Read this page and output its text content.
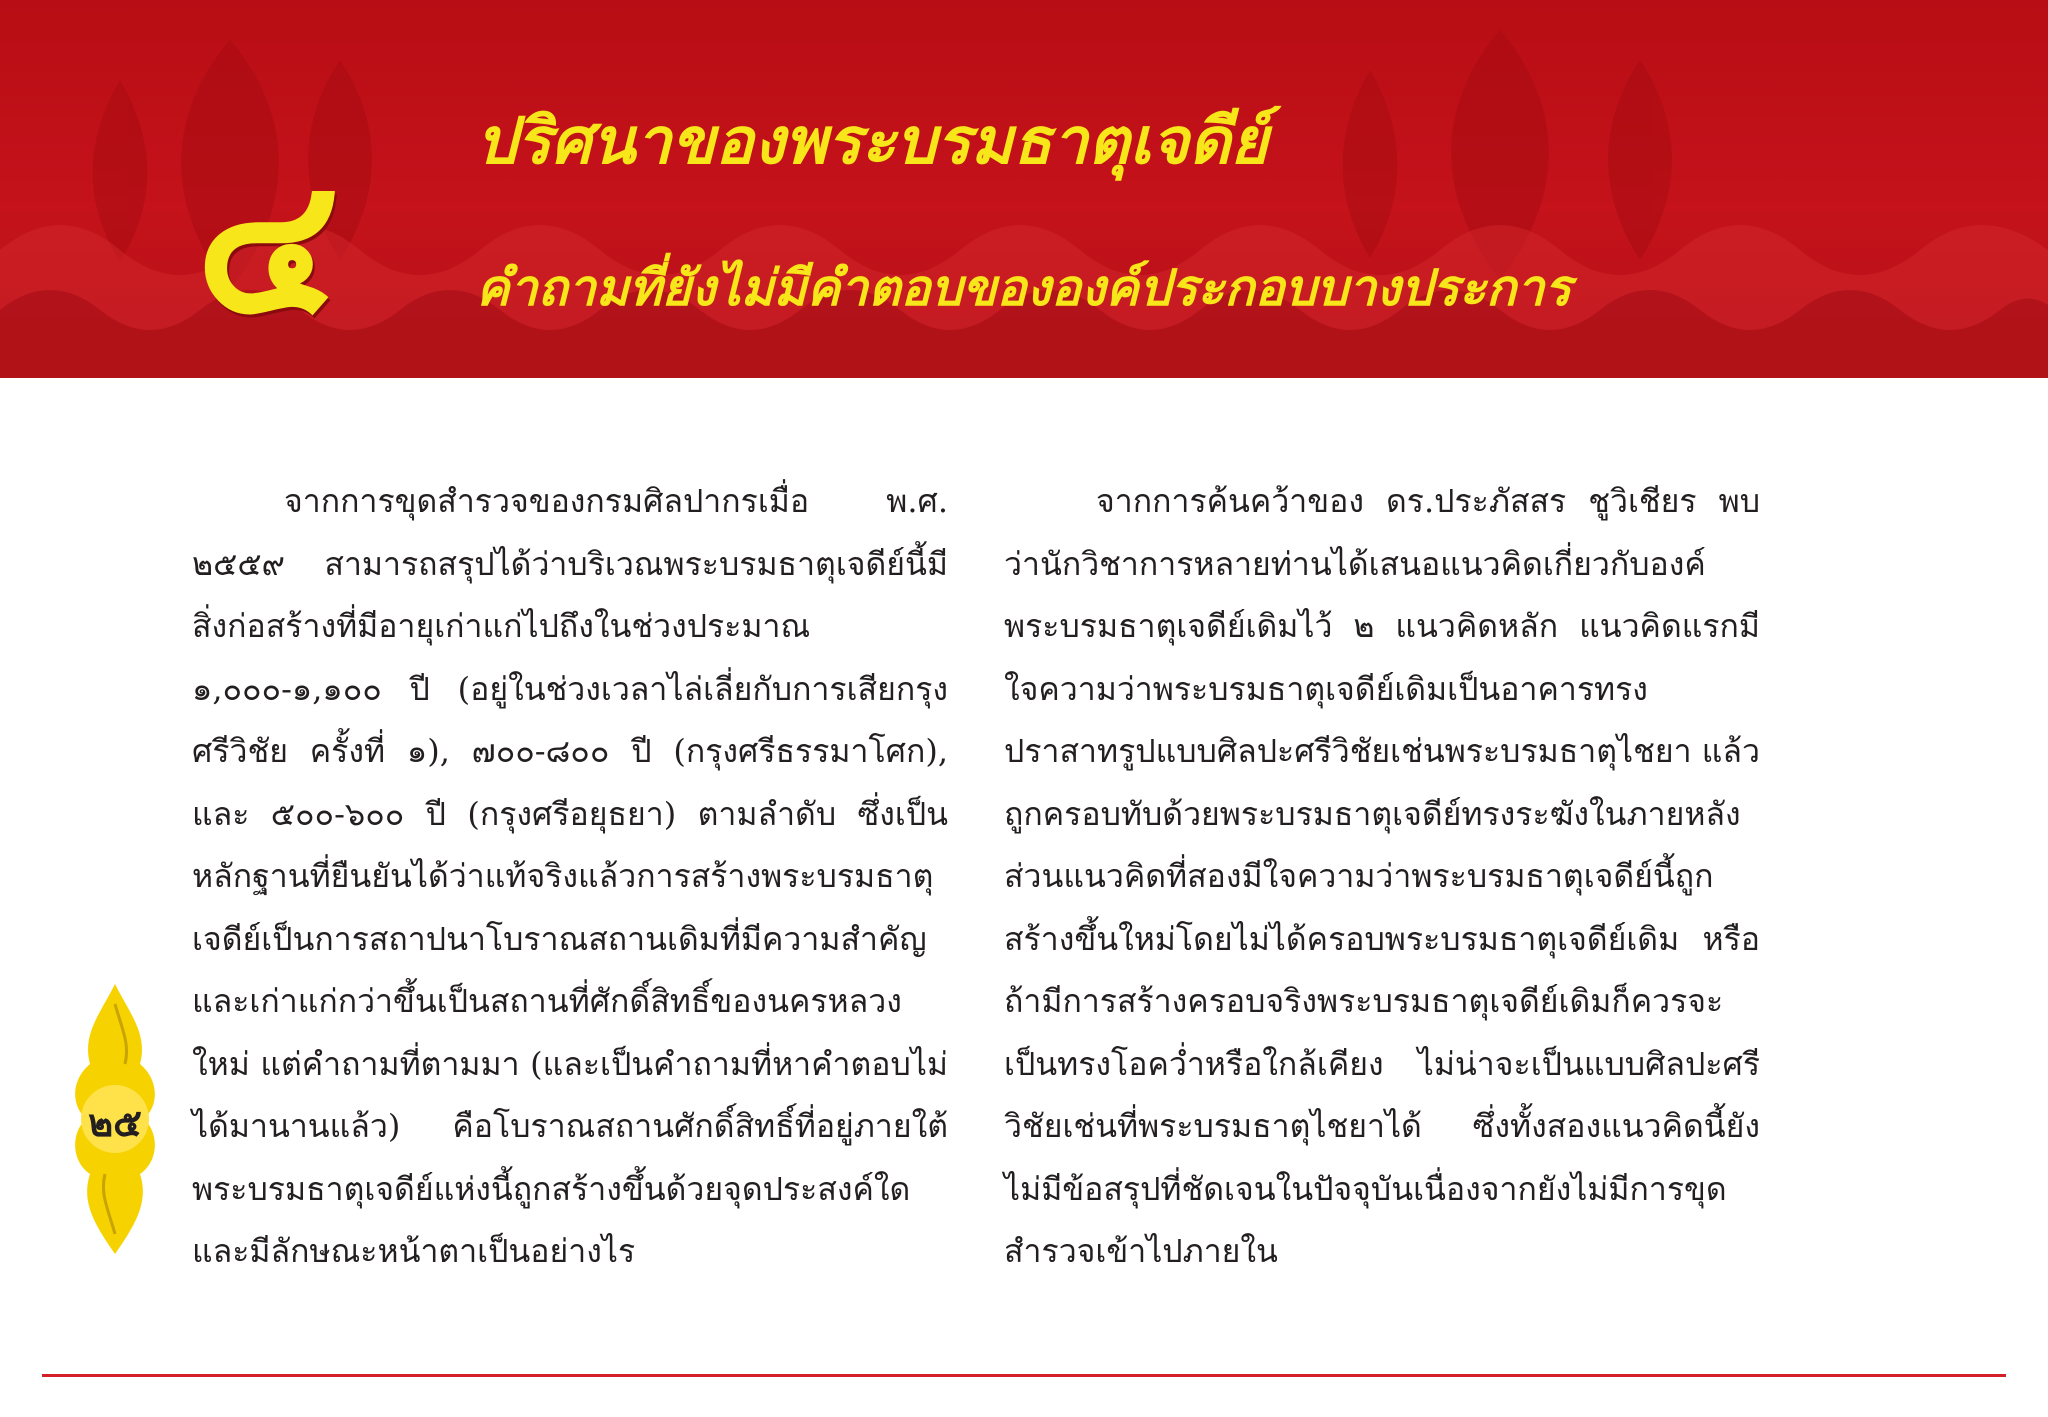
๔ ปริศนาของพระบรมธาตุเจดีย์
คำถามที่ยังไม่มีคำตอบขององค์ประกอบบางประการ

จากการขุดสำรวจของกรมศิลปากรเมื่อ พ.ศ. ๒๕๕๙ สามารถสรุปได้ว่าบริเวณพระบรมธาตุเจดีย์นี้มีสิ่งก่อสร้างที่มีอายุเก่าแก่ไปถึงในช่วงประมาณ ๑,๐๐๐-๑,๑๐๐ ปี (อยู่ในช่วงเวลาไล่เลี่ยกับการเสียกรุงศรีวิชัย ครั้งที่ ๑), ๗๐๐-๘๐๐ ปี (กรุงศรีธรรมาโศก), และ ๕๐๐-๖๐๐ ปี (กรุงศรีอยุธยา) ตามลำดับ ซึ่งเป็นหลักฐานที่ยืนยันได้ว่าแท้จริงแล้วการสร้างพระบรมธาตุเจดีย์เป็นการสถาปนาโบราณสถานเดิมที่มีความสำคัญและเก่าแก่กว่าขึ้นเป็นสถานที่ศักดิ์สิทธิ์ของนครหลวงใหม่ แต่คำถามที่ตามมา (และเป็นคำถามที่หาคำตอบไม่ได้มานานแล้ว) คือโบราณสถานศักดิ์สิทธิ์ที่อยู่ภายใต้พระบรมธาตุเจดีย์แห่งนี้ถูกสร้างขึ้นด้วยจุดประสงค์ใดและมีลักษณะหน้าตาเป็นอย่างไร

จากการค้นคว้าของ ดร.ประภัสสร ชูวิเชียร พบว่านักวิชาการหลายท่านได้เสนอแนวคิดเกี่ยวกับองค์พระบรมธาตุเจดีย์เดิมไว้ ๒ แนวคิดหลัก แนวคิดแรกมีใจความว่าพระบรมธาตุเจดีย์เดิมเป็นอาคารทรงปราสาทรูปแบบศิลปะศรีวิชัยเช่นพระบรมธาตุไชยา แล้วถูกครอบทับด้วยพระบรมธาตุเจดีย์ทรงระฆังในภายหลัง ส่วนแนวคิดที่สองมีใจความว่าพระบรมธาตุเจดีย์นี้ถูกสร้างขึ้นใหม่โดยไม่ได้ครอบพระบรมธาตุเจดีย์เดิม หรือถ้ามีการสร้างครอบจริงพระบรมธาตุเจดีย์เดิมก็ควรจะเป็นทรงโอคว่ำหรือใกล้เคียง ไม่น่าจะเป็นแบบศิลปะศรีวิชัยเช่นที่พระบรมธาตุไชยาได้ ซึ่งทั้งสองแนวคิดนี้ยังไม่มีข้อสรุปที่ชัดเจนในปัจจุบันเนื่องจากยังไม่มีการขุดสำรวจเข้าไปภายใน

๒๕
